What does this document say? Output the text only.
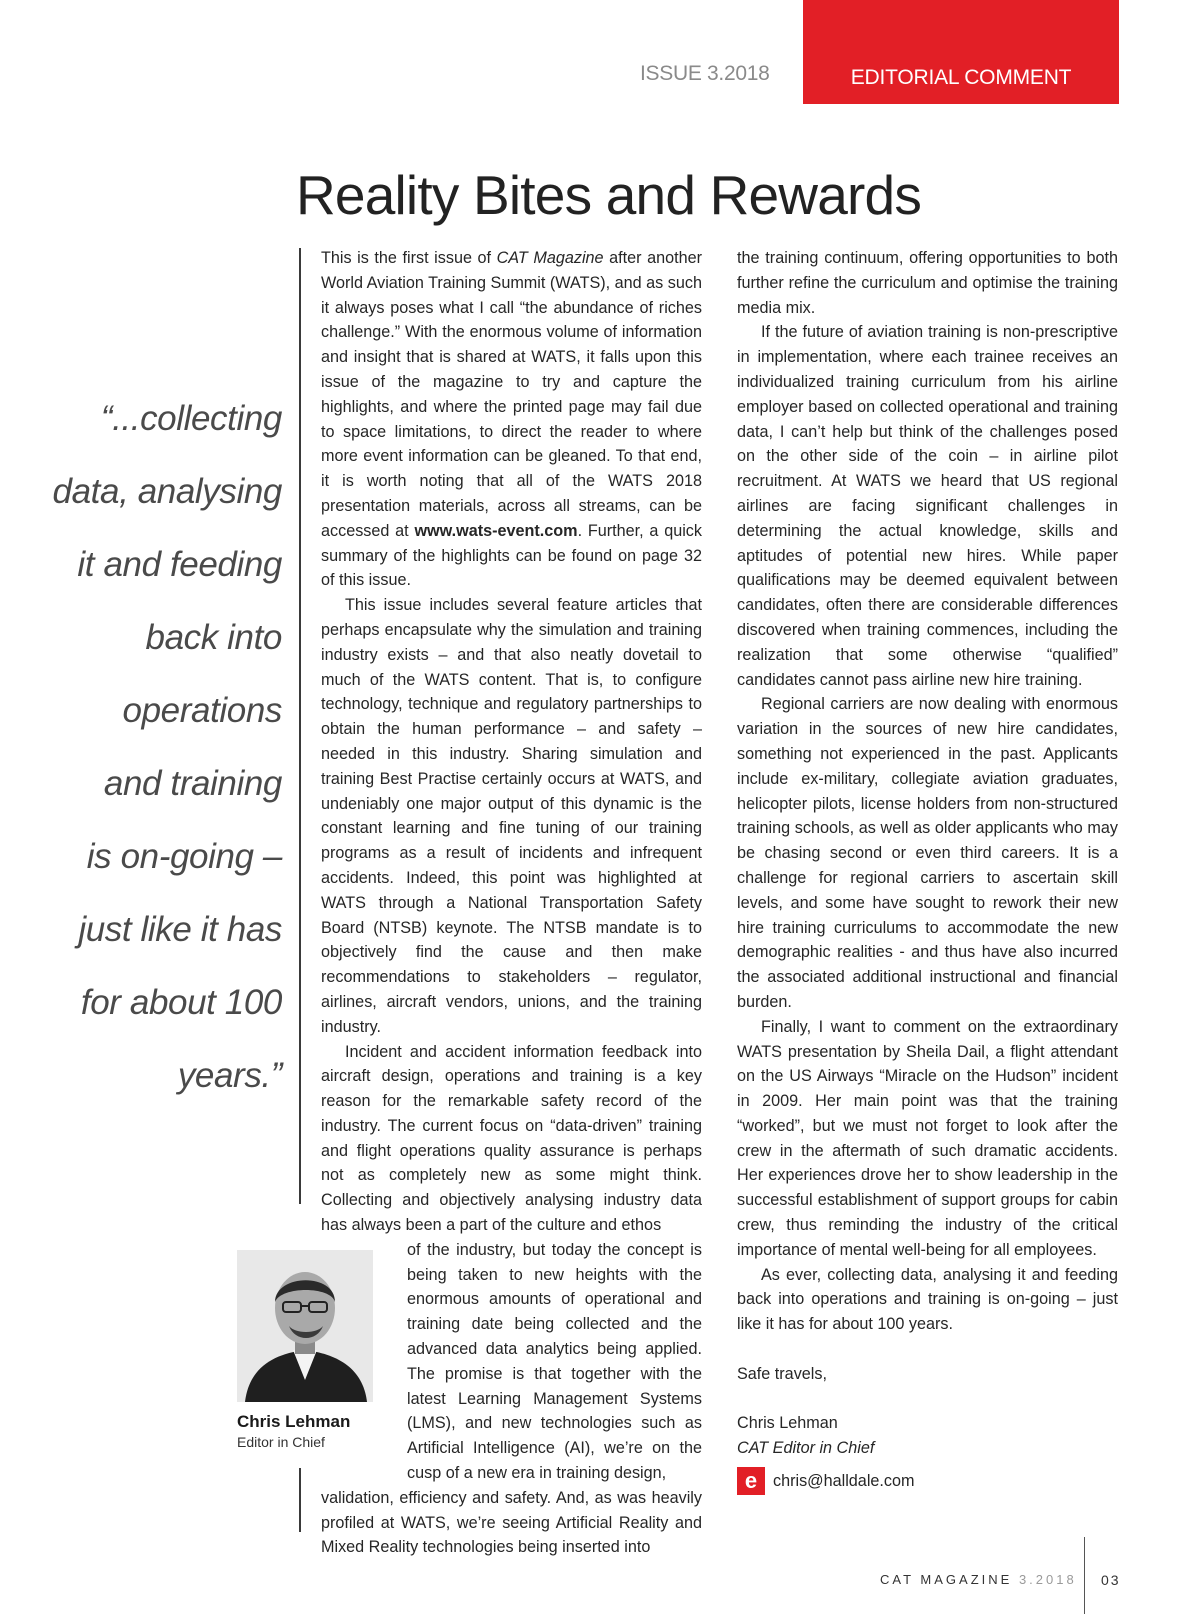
ISSUE 3.2018	EDITORIAL COMMENT
Reality Bites and Rewards
“...collecting
data, analysing
it and feeding
back into
operations
and training
is on-going –
just like it has
for about 100
years.”

This is the first issue of CAT Magazine after another World Aviation Training Summit (WATS), and as such it always poses what I call “the abundance of riches challenge.” With the enormous volume of information and insight that is shared at WATS, it falls upon this issue of the magazine to try and capture the highlights, and where the printed page may fail due to space limitations, to direct the reader to where more event information can be gleaned. To that end, it is worth noting that all of the WATS 2018 presentation materials, across all streams, can be accessed at www.wats-event.com. Further, a quick summary of the highlights can be found on page 32 of this issue.

This issue includes several feature articles that perhaps encapsulate why the simulation and training industry exists – and that also neatly dovetail to much of the WATS content. That is, to configure technology, technique and regulatory partnerships to obtain the human performance – and safety – needed in this industry. Sharing simulation and training Best Practise certainly occurs at WATS, and undeniably one major output of this dynamic is the constant learning and fine tuning of our training programs as a result of incidents and infrequent accidents. Indeed, this point was highlighted at WATS through a National Transportation Safety Board (NTSB) keynote. The NTSB mandate is to objectively find the cause and then make recommendations to stakeholders – regulator, airlines, aircraft vendors, unions, and the training industry.

Incident and accident information feedback into aircraft design, operations and training is a key reason for the remarkable safety record of the industry. The current focus on “data-driven” training and flight operations quality assurance is perhaps not as completely new as some might think. Collecting and objectively analysing industry data has always been a part of the culture and ethos

of the industry, but today the concept is being taken to new heights with the enormous amounts of operational and training date being collected and the advanced data analytics being applied. The promise is that together with the latest Learning Management Systems (LMS), and new technologies such as Artificial Intelligence (AI), we’re on the cusp of a new era in training design,

validation, efficiency and safety. And, as was heavily profiled at WATS, we’re seeing Artificial Reality and Mixed Reality technologies being inserted into

Chris Lehman
Editor in Chief

the training continuum, offering opportunities to both further refine the curriculum and optimise the training media mix.

If the future of aviation training is non-prescriptive in implementation, where each trainee receives an individualized training curriculum from his airline employer based on collected operational and training data, I can’t help but think of the challenges posed on the other side of the coin – in airline pilot recruitment. At WATS we heard that US regional airlines are facing significant challenges in determining the actual knowledge, skills and aptitudes of potential new hires. While paper qualifications may be deemed equivalent between candidates, often there are considerable differences discovered when training commences, including the realization that some otherwise “qualified” candidates cannot pass airline new hire training.

Regional carriers are now dealing with enormous variation in the sources of new hire candidates, something not experienced in the past. Applicants include ex-military, collegiate aviation graduates, helicopter pilots, license holders from non-structured training schools, as well as older applicants who may be chasing second or even third careers. It is a challenge for regional carriers to ascertain skill levels, and some have sought to rework their new hire training curriculums to accommodate the new demographic realities - and thus have also incurred the associated additional instructional and financial burden.

Finally, I want to comment on the extraordinary WATS presentation by Sheila Dail, a flight attendant on the US Airways “Miracle on the Hudson” incident in 2009. Her main point was that the training “worked”, but we must not forget to look after the crew in the aftermath of such dramatic accidents. Her experiences drove her to show leadership in the successful establishment of support groups for cabin crew, thus reminding the industry of the critical importance of mental well-being for all employees.

As ever, collecting data, analysing it and feeding back into operations and training is on-going – just like it has for about 100 years.

Safe travels,

Chris Lehman

CAT Editor in Chief

e chris@halldale.com
CAT MAGAZINE 3.2018 03
